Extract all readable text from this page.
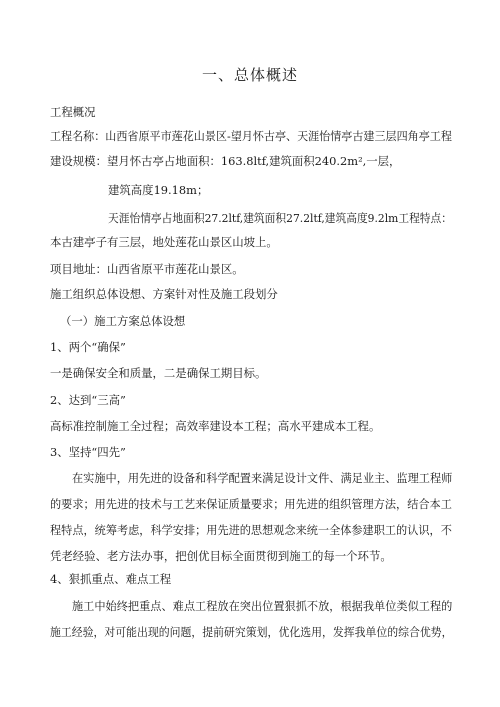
一、总体概述
工程概况
工程名称：山西省原平市莲花山景区-望月怀古亭、天涯怡情亭古建三层四角亭工程
建设规模：望月怀古亭占地面积：163.8ltf,建筑面积240.2m²,一层，
建筑高度19.18m；
天涯怡情亭占地面积27.2ltf,建筑面积27.2ltf,建筑高度9.2lm工程特点：
本古建亭子有三层，地处莲花山景区山坡上。
项目地址：山西省原平市莲花山景区。
施工组织总体设想、方案针对性及施工段划分
（一）施工方案总体设想
1、两个“确保”
一是确保安全和质量，二是确保工期目标。
2、达到“三高”
高标准控制施工全过程；高效率建设本工程；高水平建成本工程。
3、坚持“四先”
在实施中，用先进的设备和科学配置来满足设计文件、满足业主、监理工程师
的要求；用先进的技术与工艺来保证质量要求；用先进的组织管理方法，结合本工
程特点，统筹考虑，科学安排；用先进的思想观念来统一全体参建职工的认识，不
凭老经验、老方法办事，把创优目标全面贯彻到施工的每一个环节。
4、狠抓重点、难点工程
施工中始终把重点、难点工程放在突出位置狠抓不放，根据我单位类似工程的
施工经验，对可能出现的问题，提前研究策划，优化选用，发挥我单位的综合优势，
